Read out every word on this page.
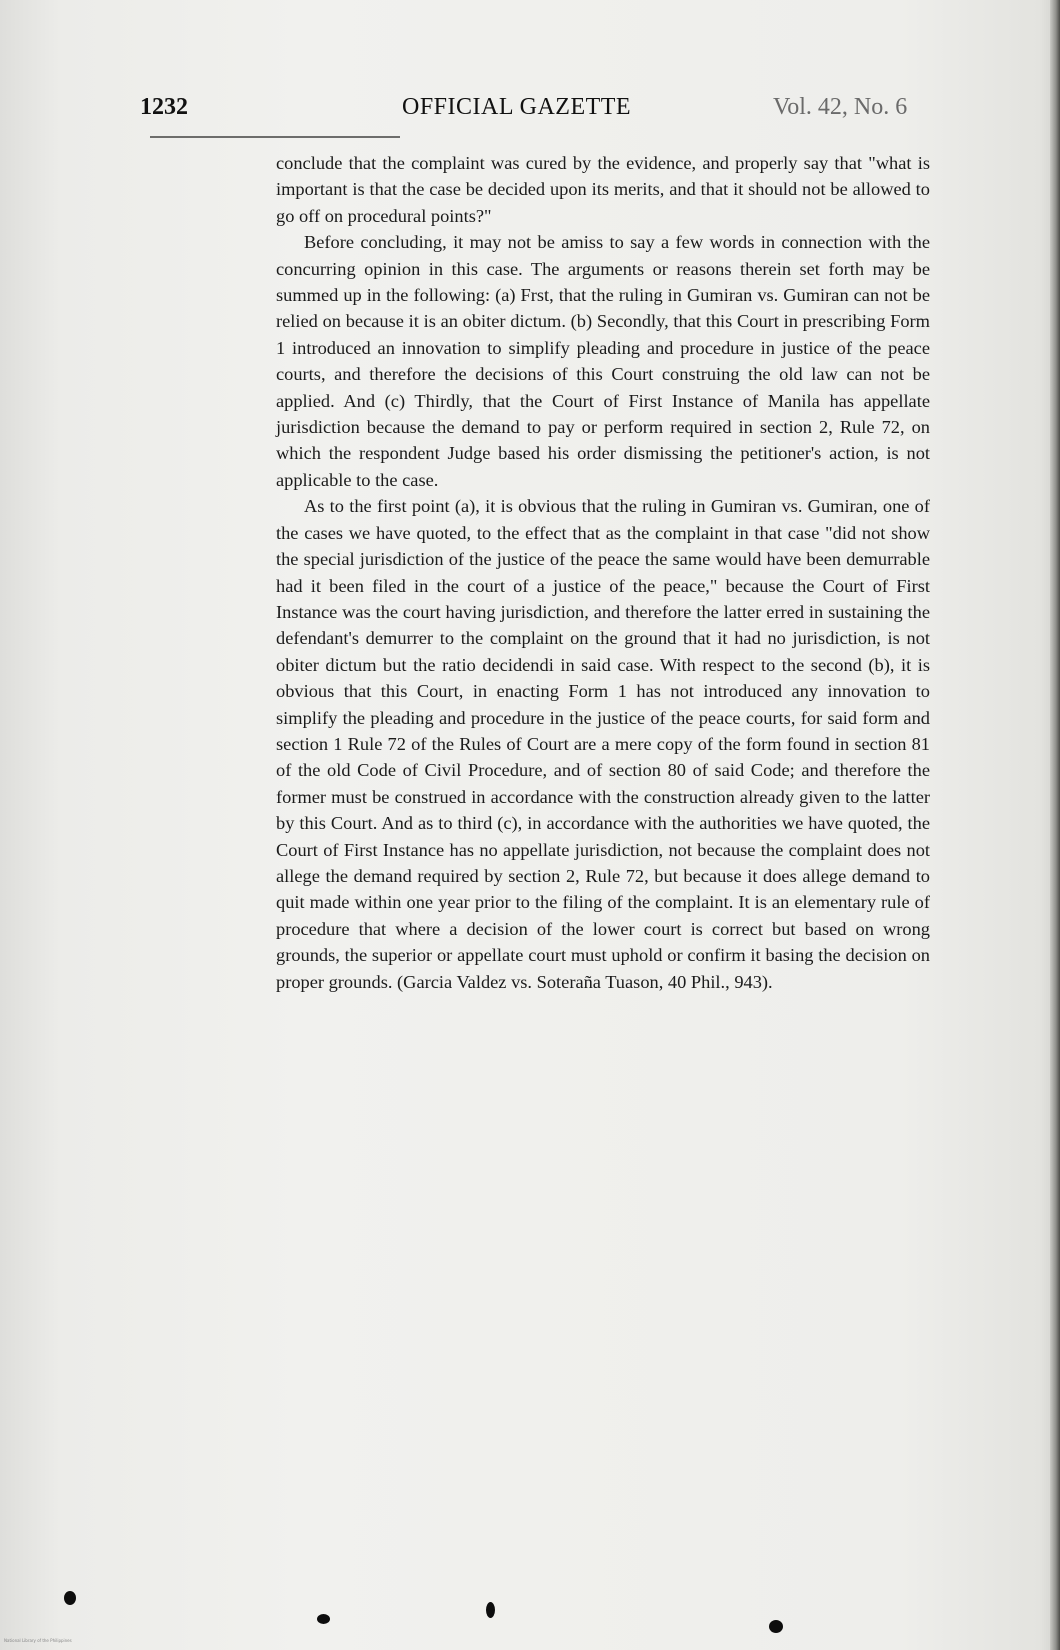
1232	OFFICIAL GAZETTE	Vol. 42, No. 6

conclude that the complaint was cured by the evidence, and properly say that "what is important is that the case be decided upon its merits, and that it should not be allowed to go off on procedural points?"

Before concluding, it may not be amiss to say a few words in connection with the concurring opinion in this case. The arguments or reasons therein set forth may be summed up in the following: (a) Frst, that the ruling in Gumiran vs. Gumiran can not be relied on because it is an obiter dictum. (b) Secondly, that this Court in prescribing Form 1 introduced an innovation to simplify pleading and procedure in justice of the peace courts, and therefore the decisions of this Court construing the old law can not be applied. And (c) Thirdly, that the Court of First Instance of Manila has appellate jurisdiction because the demand to pay or perform required in section 2, Rule 72, on which the respondent Judge based his order dismissing the petitioner's action, is not applicable to the case.

As to the first point (a), it is obvious that the ruling in Gumiran vs. Gumiran, one of the cases we have quoted, to the effect that as the complaint in that case "did not show the special jurisdiction of the justice of the peace the same would have been demurrable had it been filed in the court of a justice of the peace," because the Court of First Instance was the court having jurisdiction, and therefore the latter erred in sustaining the defendant's demurrer to the complaint on the ground that it had no jurisdiction, is not obiter dictum but the ratio decidendi in said case. With respect to the second (b), it is obvious that this Court, in enacting Form 1 has not introduced any innovation to simplify the pleading and procedure in the justice of the peace courts, for said form and section 1 Rule 72 of the Rules of Court are a mere copy of the form found in section 81 of the old Code of Civil Procedure, and of section 80 of said Code; and therefore the former must be construed in accordance with the construction already given to the latter by this Court. And as to third (c), in accordance with the authorities we have quoted, the Court of First Instance has no appellate jurisdiction, not because the complaint does not allege the demand required by section 2, Rule 72, but because it does allege demand to quit made within one year prior to the filing of the complaint. It is an elementary rule of procedure that where a decision of the lower court is correct but based on wrong grounds, the superior or appellate court must uphold or confirm it basing the decision on proper grounds. (Garcia Valdez vs. Soteraña Tuason, 40 Phil., 943).

National Library of the Philippines
